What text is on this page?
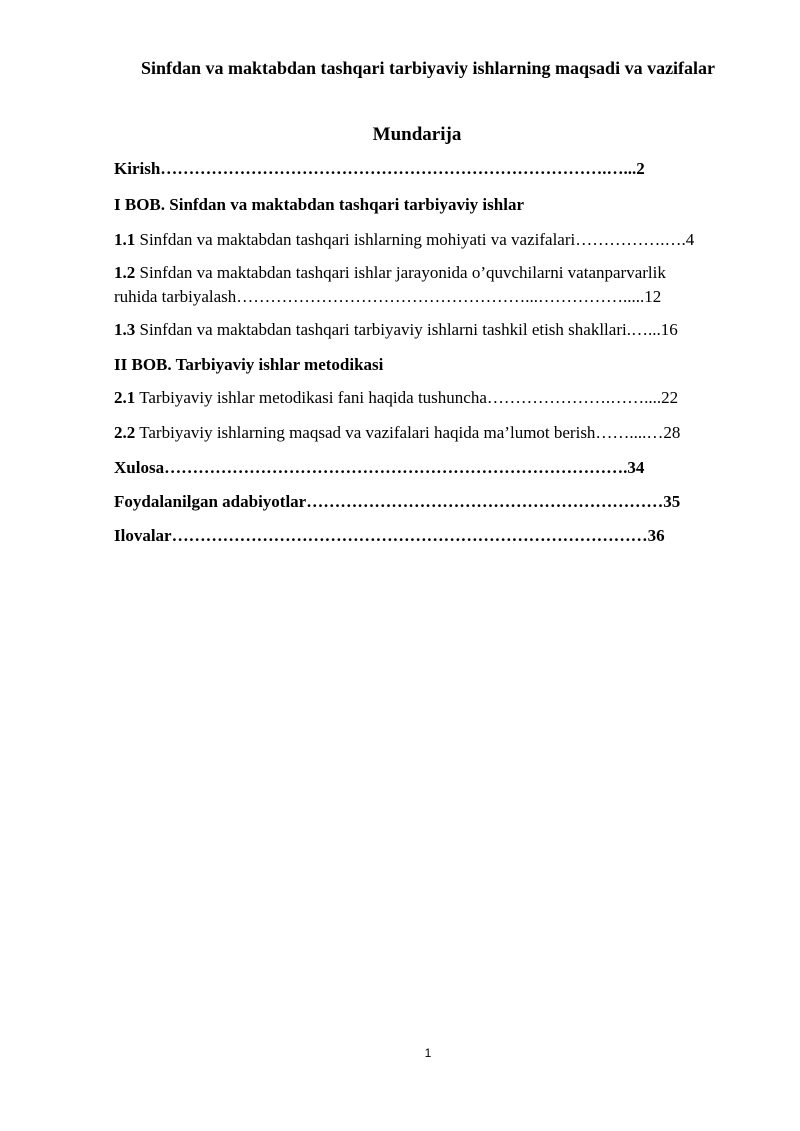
Sinfdan va maktabdan tashqari tarbiyaviy ishlarning maqsadi va vazifalar
Mundarija
Kirish…………………………………………………………………….…...2
I BOB. Sinfdan va maktabdan tashqari tarbiyaviy ishlar
1.1 Sinfdan va maktabdan tashqari ishlarning mohiyati va vazifalari…………….….4
1.2 Sinfdan va maktabdan tashqari ishlar jarayonida o’quvchilarni vatanparvarlik
ruhida tarbiyalash……………………………………………...…………….....12
1.3 Sinfdan va maktabdan tashqari tarbiyaviy ishlarni tashkil etish shakllari.…...16
II BOB. Tarbiyaviy ishlar metodikasi
2.1 Tarbiyaviy ishlar metodikasi fani haqida tushuncha………………….……....22
2.2 Tarbiyaviy ishlarning maqsad va vazifalari haqida ma’lumot berish……....…28
Xulosa……………………………………………………………………….34
Foydalanilgan adabiyotlar………………………………………………………35
Ilovalar…………………………………………………………………………36
1
